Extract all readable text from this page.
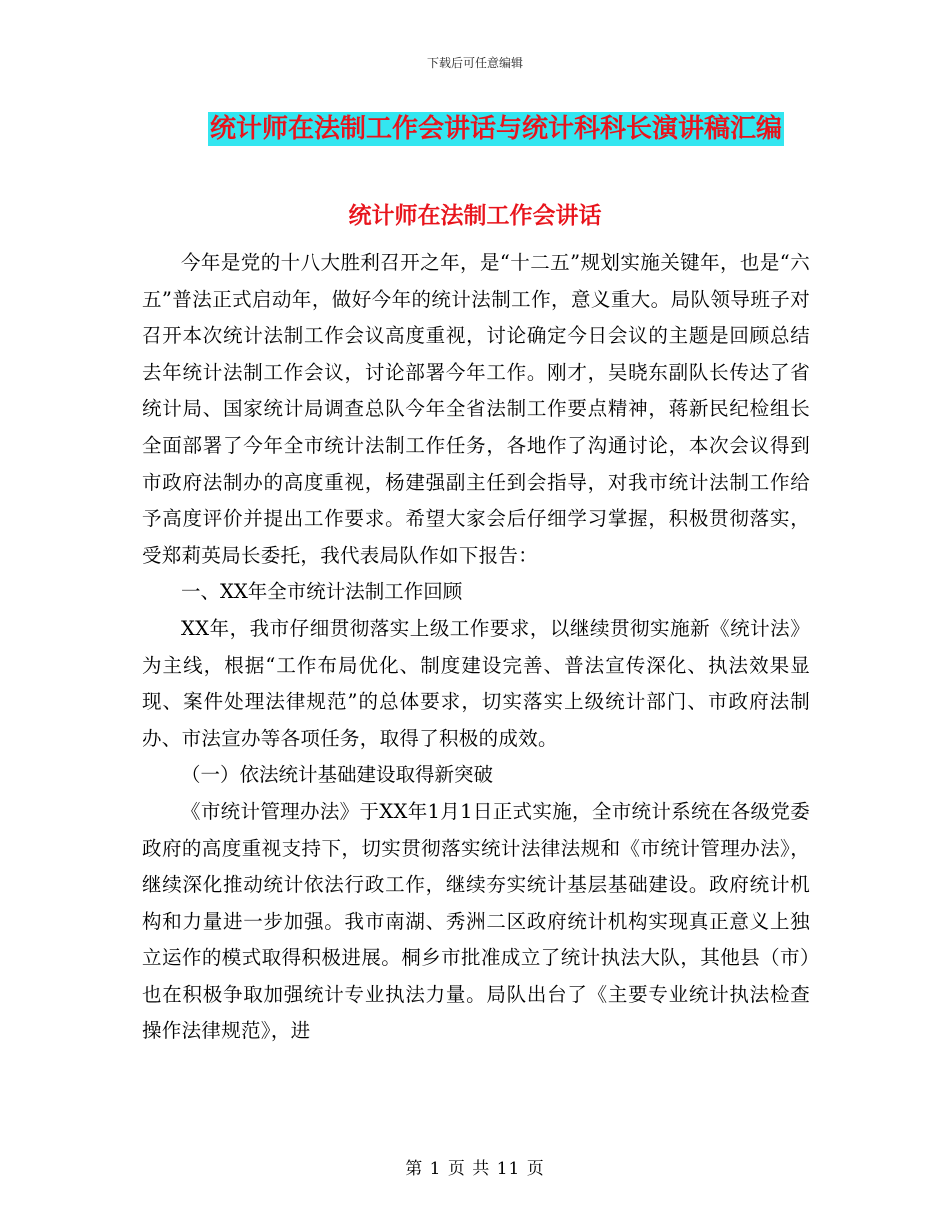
下载后可任意编辑
统计师在法制工作会讲话与统计科科长演讲稿汇编
统计师在法制工作会讲话

今年是党的十八大胜利召开之年，是“十二五”规划实施关键年，也是“六五”普法正式启动年，做好今年的统计法制工作，意义重大。局队领导班子对召开本次统计法制工作会议高度重视，讨论确定今日会议的主题是回顾总结去年统计法制工作会议，讨论部署今年工作。刚才，吴晓东副队长传达了省统计局、国家统计局调查总队今年全省法制工作要点精神，蒋新民纪检组长全面部署了今年全市统计法制工作任务，各地作了沟通讨论，本次会议得到市政府法制办的高度重视，杨建强副主任到会指导，对我市统计法制工作给予高度评价并提出工作要求。希望大家会后仔细学习掌握，积极贯彻落实，受郑莉英局长委托，我代表局队作如下报告：

一、XX年全市统计法制工作回顾

XX年，我市仔细贯彻落实上级工作要求，以继续贯彻实施新《统计法》为主线，根据“工作布局优化、制度建设完善、普法宣传深化、执法效果显现、案件处理法律规范”的总体要求，切实落实上级统计部门、市政府法制办、市法宣办等各项任务，取得了积极的成效。

（一）依法统计基础建设取得新突破

《市统计管理办法》于XX年1月1日正式实施，全市统计系统在各级党委政府的高度重视支持下，切实贯彻落实统计法律法规和《市统计管理办法》，继续深化推动统计依法行政工作，继续夯实统计基层基础建设。政府统计机构和力量进一步加强。我市南湖、秀洲二区政府统计机构实现真正意义上独立运作的模式取得积极进展。桐乡市批准成立了统计执法大队，其他县（市）也在积极争取加强统计专业执法力量。局队出台了《主要专业统计执法检查操作法律规范》，进

第 1 页 共 11 页
